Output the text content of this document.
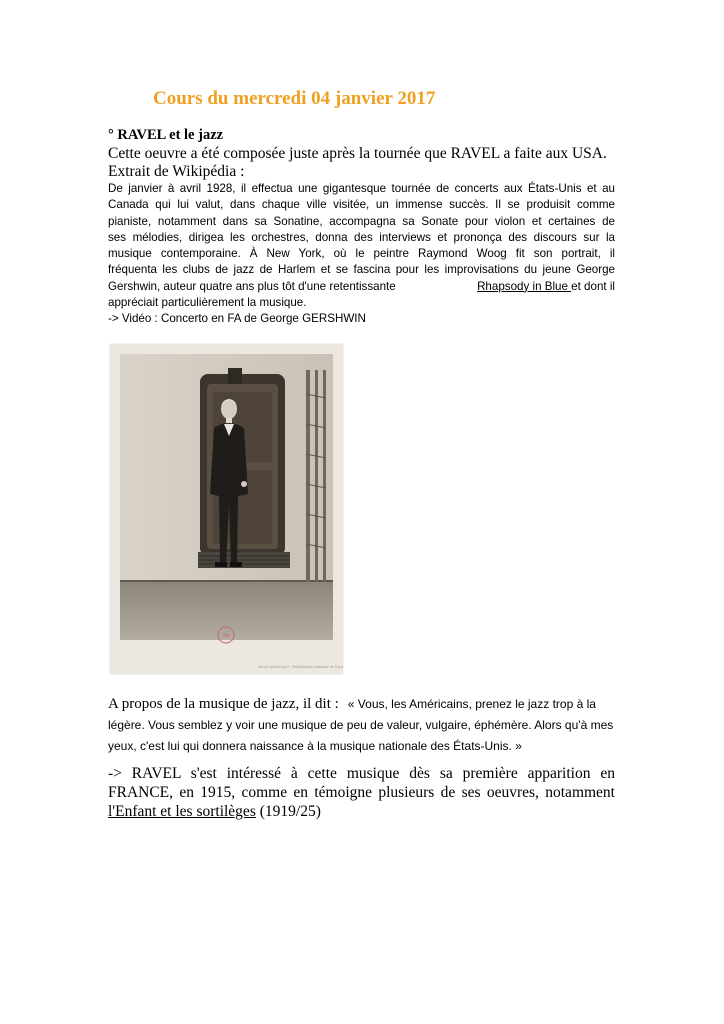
Cours du mercredi 04 janvier 2017
° RAVEL et le jazz
Cette oeuvre a été composée juste après la tournée que RAVEL a faite aux USA.
Extrait de Wikipédia :
De janvier à avril 1928, il effectua une gigantesque tournée de concerts aux États-Unis et au
Canada qui lui valut, dans chaque ville visitée, un immense succès. Il se produisit comme
pianiste, notamment dans sa Sonatine, accompagna sa Sonate pour violon et certaines de
ses mélodies, dirigea les orchestres, donna des interviews et prononça des discours sur la
musique contemporaine. À New York, où le peintre Raymond Woog fit son portrait, il
fréquenta les clubs de jazz de Harlem et se fascina pour les improvisations du jeune George
Gershwin, auteur quatre ans plus tôt d'une retentissante	Rhapsody in Blue et dont il
appréciait particulièrement la musique.
-> Vidéo : Concerto en FA de George GERSHWIN
BN
Source gallica.bnf.fr / Bibliothèque nationale de France
A propos de la musique de jazz, il dit : « Vous, les Américains, prenez le jazz trop à la légère. Vous semblez y voir une musique de peu de valeur, vulgaire, éphémère. Alors qu'à mes yeux, c'est lui qui donnera naissance à la musique nationale des États-Unis. »
-> RAVEL s'est intéressé à cette musique dès sa première apparition en FRANCE, en 1915, comme en témoigne plusieurs de ses oeuvres, notamment l'Enfant et les sortilèges (1919/25)
